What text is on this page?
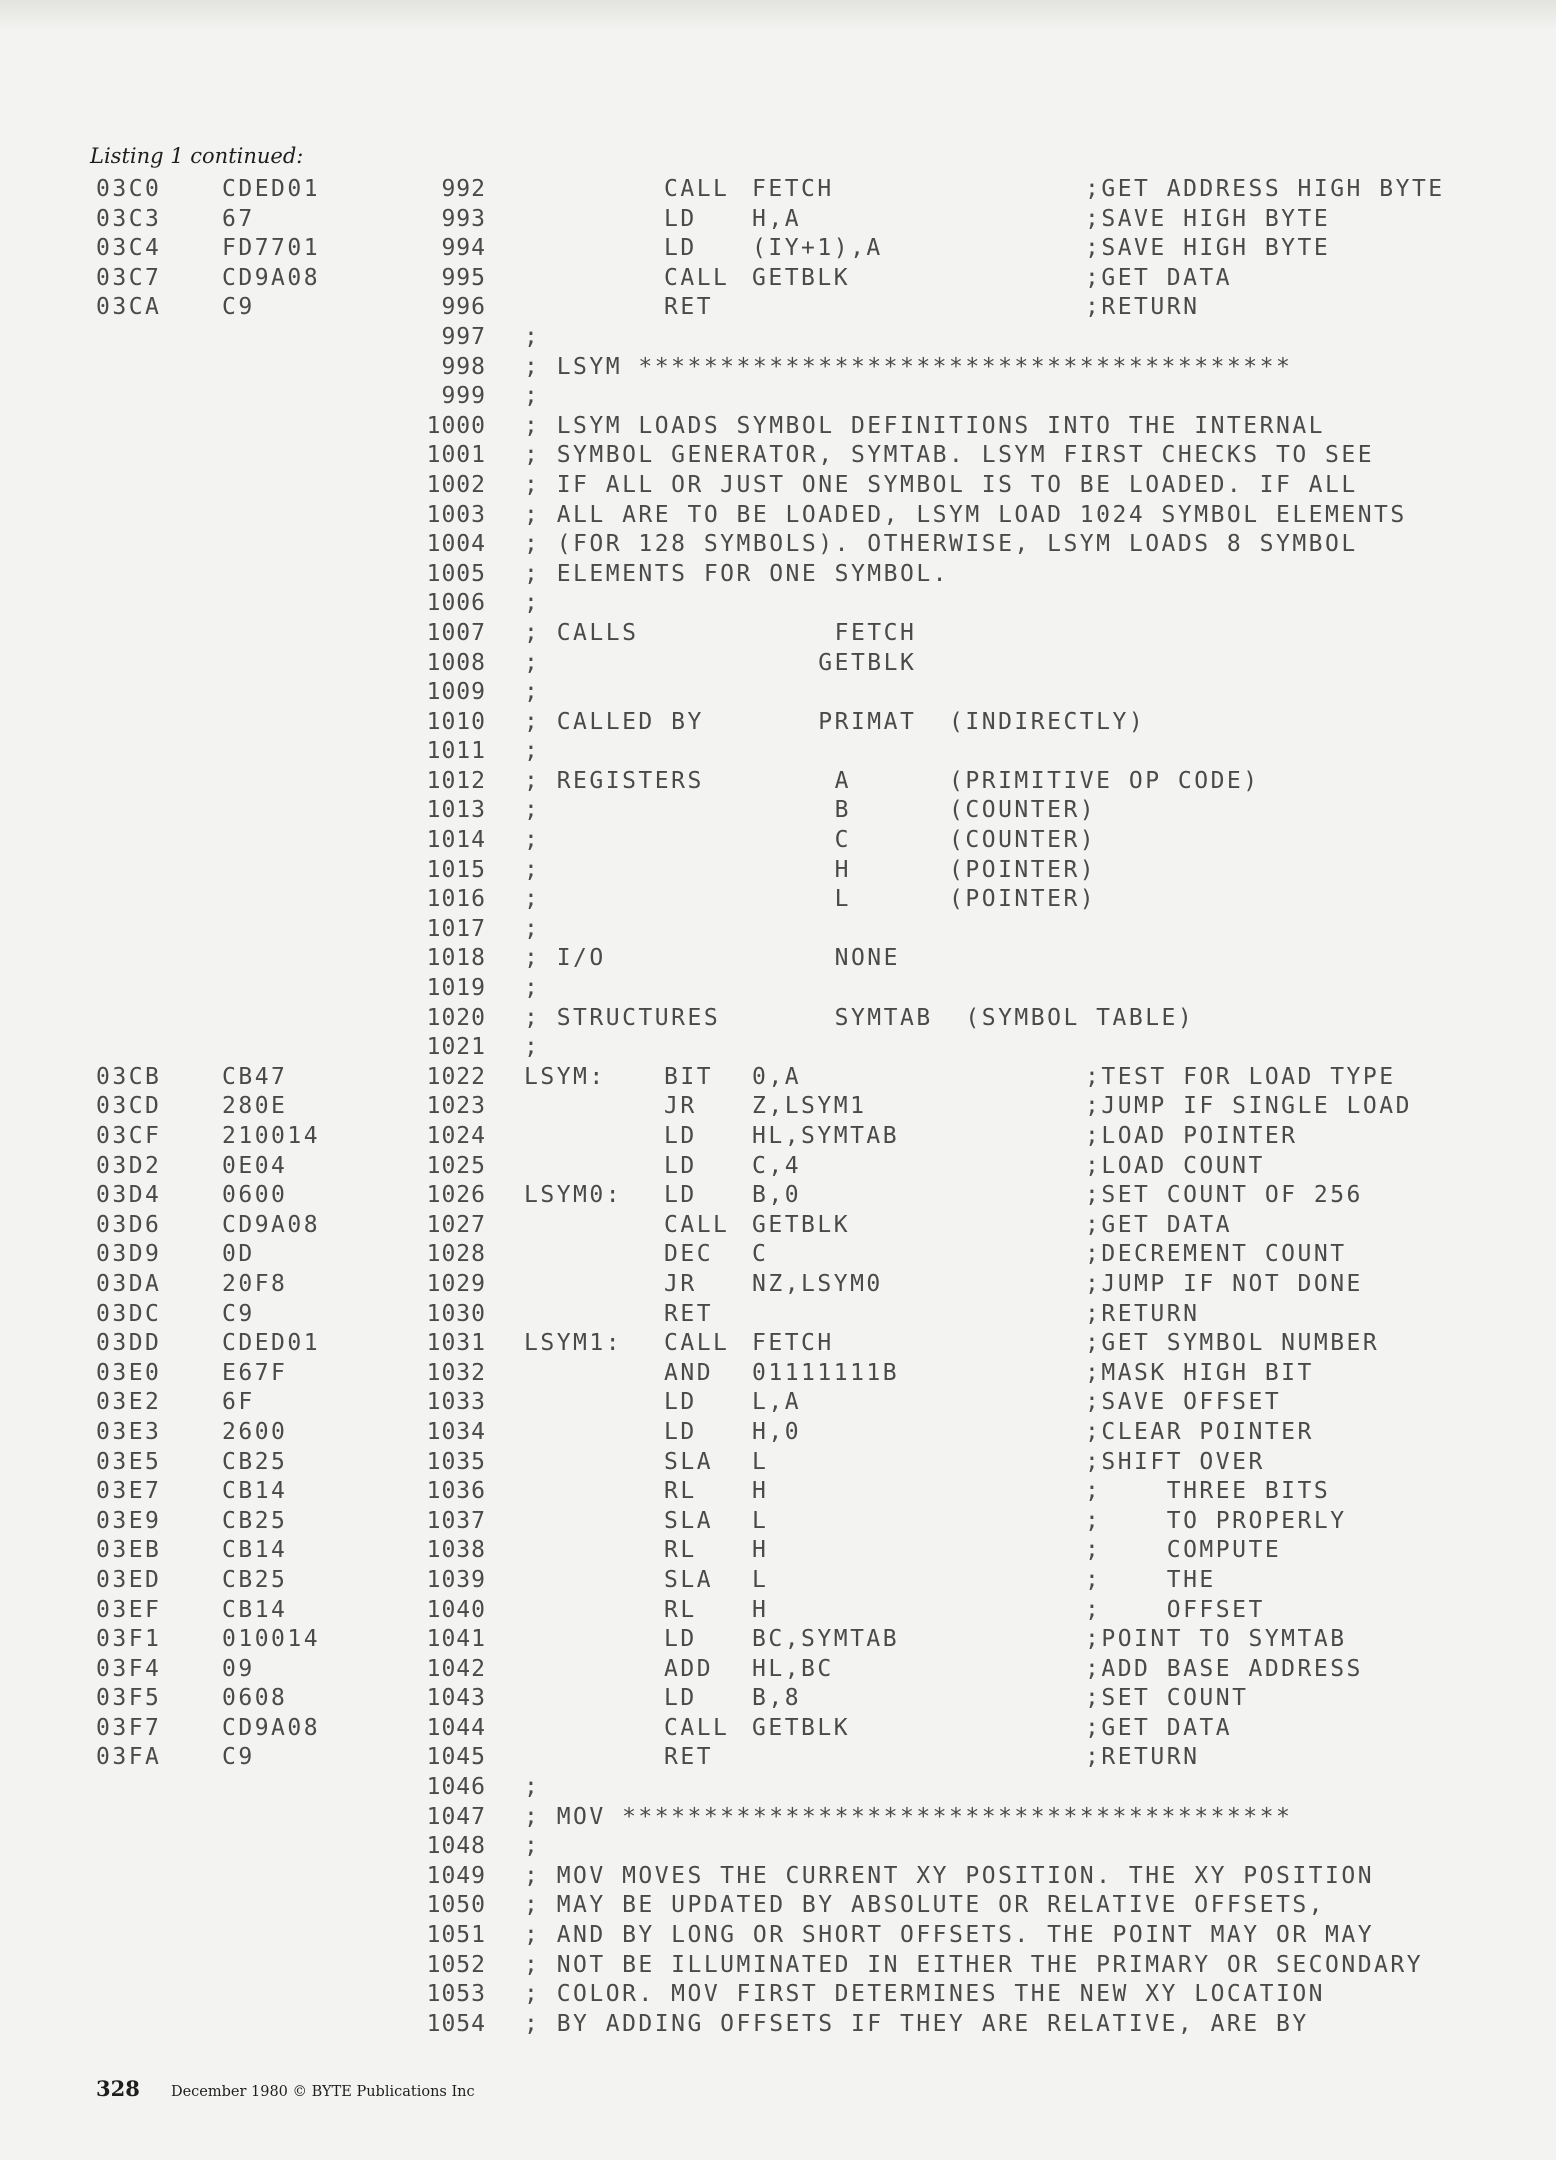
Listing 1 continued:
03C0	CDED01	992	CALL FETCH	;GET ADDRESS HIGH BYTE
03C3	67	993	LD H,A	;SAVE HIGH BYTE
03C4	FD7701	994	LD (IY+1),A	;SAVE HIGH BYTE
03C7	CD9A08	995	CALL GETBLK	;GET DATA
03CA	C9	996	RET	;RETURN
997 ;
998 ; LSYM ****************************************
999 ;
1000 ; LSYM LOADS SYMBOL DEFINITIONS INTO THE INTERNAL
1001 ; SYMBOL GENERATOR, SYMTAB. LSYM FIRST CHECKS TO SEE
1002 ; IF ALL OR JUST ONE SYMBOL IS TO BE LOADED. IF ALL
1003 ; ALL ARE TO BE LOADED, LSYM LOAD 1024 SYMBOL ELEMENTS
1004 ; (FOR 128 SYMBOLS). OTHERWISE, LSYM LOADS 8 SYMBOL
1005 ; ELEMENTS FOR ONE SYMBOL.
1006 ;
1007 ; CALLS            FETCH
1008 ;                 GETBLK
1009 ;
1010 ; CALLED BY       PRIMAT  (INDIRECTLY)
1011 ;
1012 ; REGISTERS        A      (PRIMITIVE OP CODE)
1013 ;                  B      (COUNTER)
1014 ;                  C      (COUNTER)
1015 ;                  H      (POINTER)
1016 ;                  L      (POINTER)
1017 ;
1018 ; I/O              NONE
1019 ;
1020 ; STRUCTURES       SYMTAB  (SYMBOL TABLE)
1021 ;
03CB	CB47	1022 LSYM:	BIT 0,A	;TEST FOR LOAD TYPE
03CD	280E	1023	JR Z,LSYM1	;JUMP IF SINGLE LOAD
03CF	210014	1024	LD HL,SYMTAB	;LOAD POINTER
03D2	0E04	1025	LD C,4	;LOAD COUNT
03D4	0600	1026 LSYM0: LD B,0	;SET COUNT OF 256
03D6	CD9A08	1027	CALL GETBLK	;GET DATA
03D9	0D	1028	DEC C	;DECREMENT COUNT
03DA	20F8	1029	JR NZ,LSYM0	;JUMP IF NOT DONE
03DC	C9	1030	RET	;RETURN
03DD	CDED01	1031 LSYM1: CALL FETCH	;GET SYMBOL NUMBER
03E0	E67F	1032	AND 01111111B	;MASK HIGH BIT
03E2	6F	1033	LD L,A	;SAVE OFFSET
03E3	2600	1034	LD H,0	;CLEAR POINTER
03E5	CB25	1035	SLA L	;SHIFT OVER
03E7	CB14	1036	RL H	;    THREE BITS
03E9	CB25	1037	SLA L	;    TO PROPERLY
03EB	CB14	1038	RL H	;    COMPUTE
03ED	CB25	1039	SLA L	;    THE
03EF	CB14	1040	RL H	;    OFFSET
03F1	010014	1041	LD BC,SYMTAB	;POINT TO SYMTAB
03F4	09	1042	ADD HL,BC	;ADD BASE ADDRESS
03F5	0608	1043	LD B,8	;SET COUNT
03F7	CD9A08	1044	CALL GETBLK	;GET DATA
03FA	C9	1045	RET	;RETURN
1046 ;
1047 ; MOV *****************************************
1048 ;
1049 ; MOV MOVES THE CURRENT XY POSITION. THE XY POSITION
1050 ; MAY BE UPDATED BY ABSOLUTE OR RELATIVE OFFSETS,
1051 ; AND BY LONG OR SHORT OFFSETS. THE POINT MAY OR MAY
1052 ; NOT BE ILLUMINATED IN EITHER THE PRIMARY OR SECONDARY
1053 ; COLOR. MOV FIRST DETERMINES THE NEW XY LOCATION
1054 ; BY ADDING OFFSETS IF THEY ARE RELATIVE, ARE BY
328 December 1980 © BYTE Publications Inc
